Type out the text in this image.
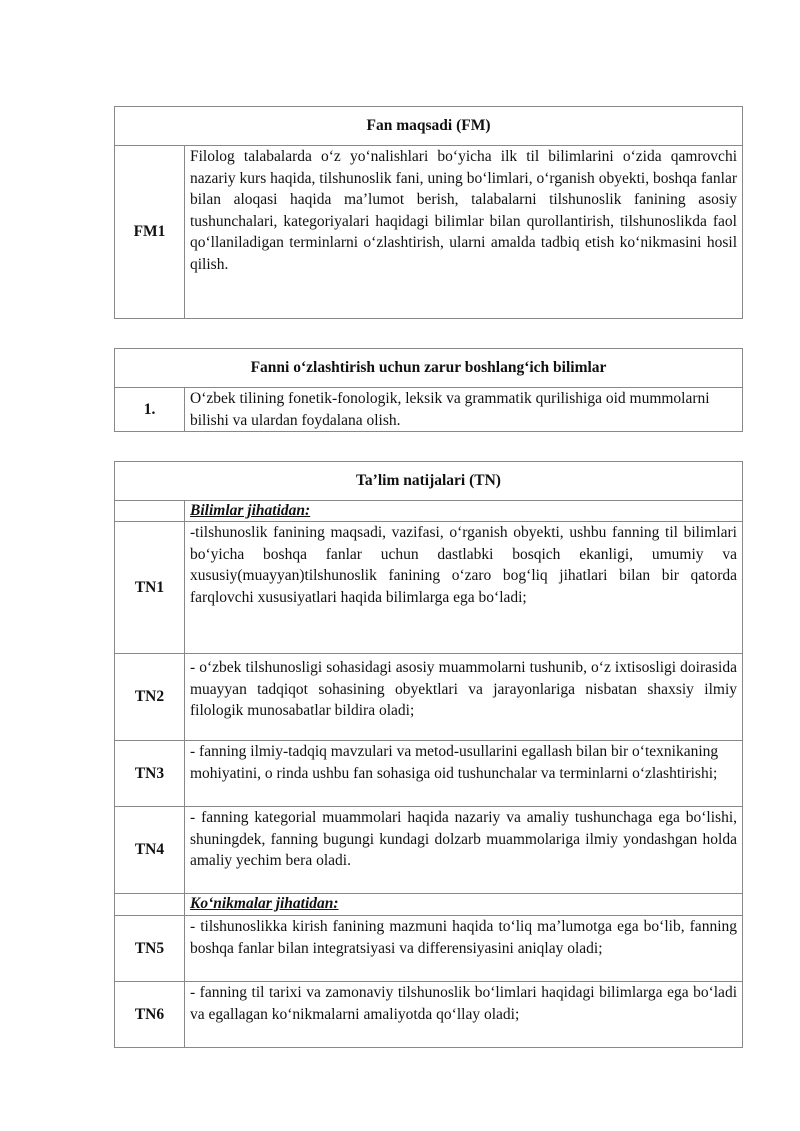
Fan maqsadi (FM)
FM1	Filolog talabalarda o‘z yo‘nalishlari bo‘yicha ilk til bilimlarini o‘zida qamrovchi nazariy kurs haqida, tilshunoslik fani, uning bo‘limlari, o‘rganish obyekti, boshqa fanlar bilan aloqasi haqida ma’lumot berish, talabalarni tilshunoslik fanining asosiy tushunchalari, kategoriyalari haqidagi bilimlar bilan qurollantirish, tilshunoslikda faol qo‘llaniladigan terminlarni o‘zlashtirish, ularni amalda tadbiq etish ko‘nikmasini hosil qilish.
Fanni o‘zlashtirish uchun zarur boshlang‘ich bilimlar
1.	O‘zbek tilining fonetik-fonologik, leksik va grammatik qurilishiga oid mummolarni bilishi va ulardan foydalana olish.
Ta’lim natijalari (TN)	
	Bilimlar jihatidan:
TN1	-tilshunoslik fanining maqsadi, vazifasi, o‘rganish obyekti, ushbu fanning til bilimlari bo‘yicha boshqa fanlar uchun dastlabki bosqich ekanligi, umumiy va xususiy(muayyan)tilshunoslik fanining o‘zaro bog‘liq jihatlari bilan bir qatorda farqlovchi xususiyatlari haqida bilimlarga ega bo‘ladi;
TN2	- o‘zbek tilshunosligi sohasidagi asosiy muammolarni tushunib, o‘z ixtisosligi doirasida muayyan tadqiqot sohasining obyektlari va jarayonlariga nisbatan shaxsiy ilmiy filologik munosabatlar bildira oladi;
TN3	- fanning ilmiy-tadqiq mavzulari va metod-usullarini egallash bilan bir o‘texnikaning mohiyatini, o rinda ushbu fan sohasiga oid tushunchalar va terminlarni o‘zlashtirishi;
TN4	- fanning kategorial muammolari haqida nazariy va amaliy tushunchaga ega bo‘lishi, shuningdek, fanning bugungi kundagi dolzarb muammolariga ilmiy yondashgan holda amaliy yechim bera oladi.
	Ko‘nikmalar jihatidan:
TN5	- tilshunoslikka kirish fanining mazmuni haqida to‘liq ma’lumotga ega bo‘lib, fanning boshqa fanlar bilan integratsiyasi va differensiyasini aniqlay oladi;
TN6	- fanning til tarixi va zamonaviy tilshunoslik bo‘limlari haqidagi bilimlarga ega bo‘ladi va egallagan ko‘nikmalarni amaliyotda qo‘llay oladi;
